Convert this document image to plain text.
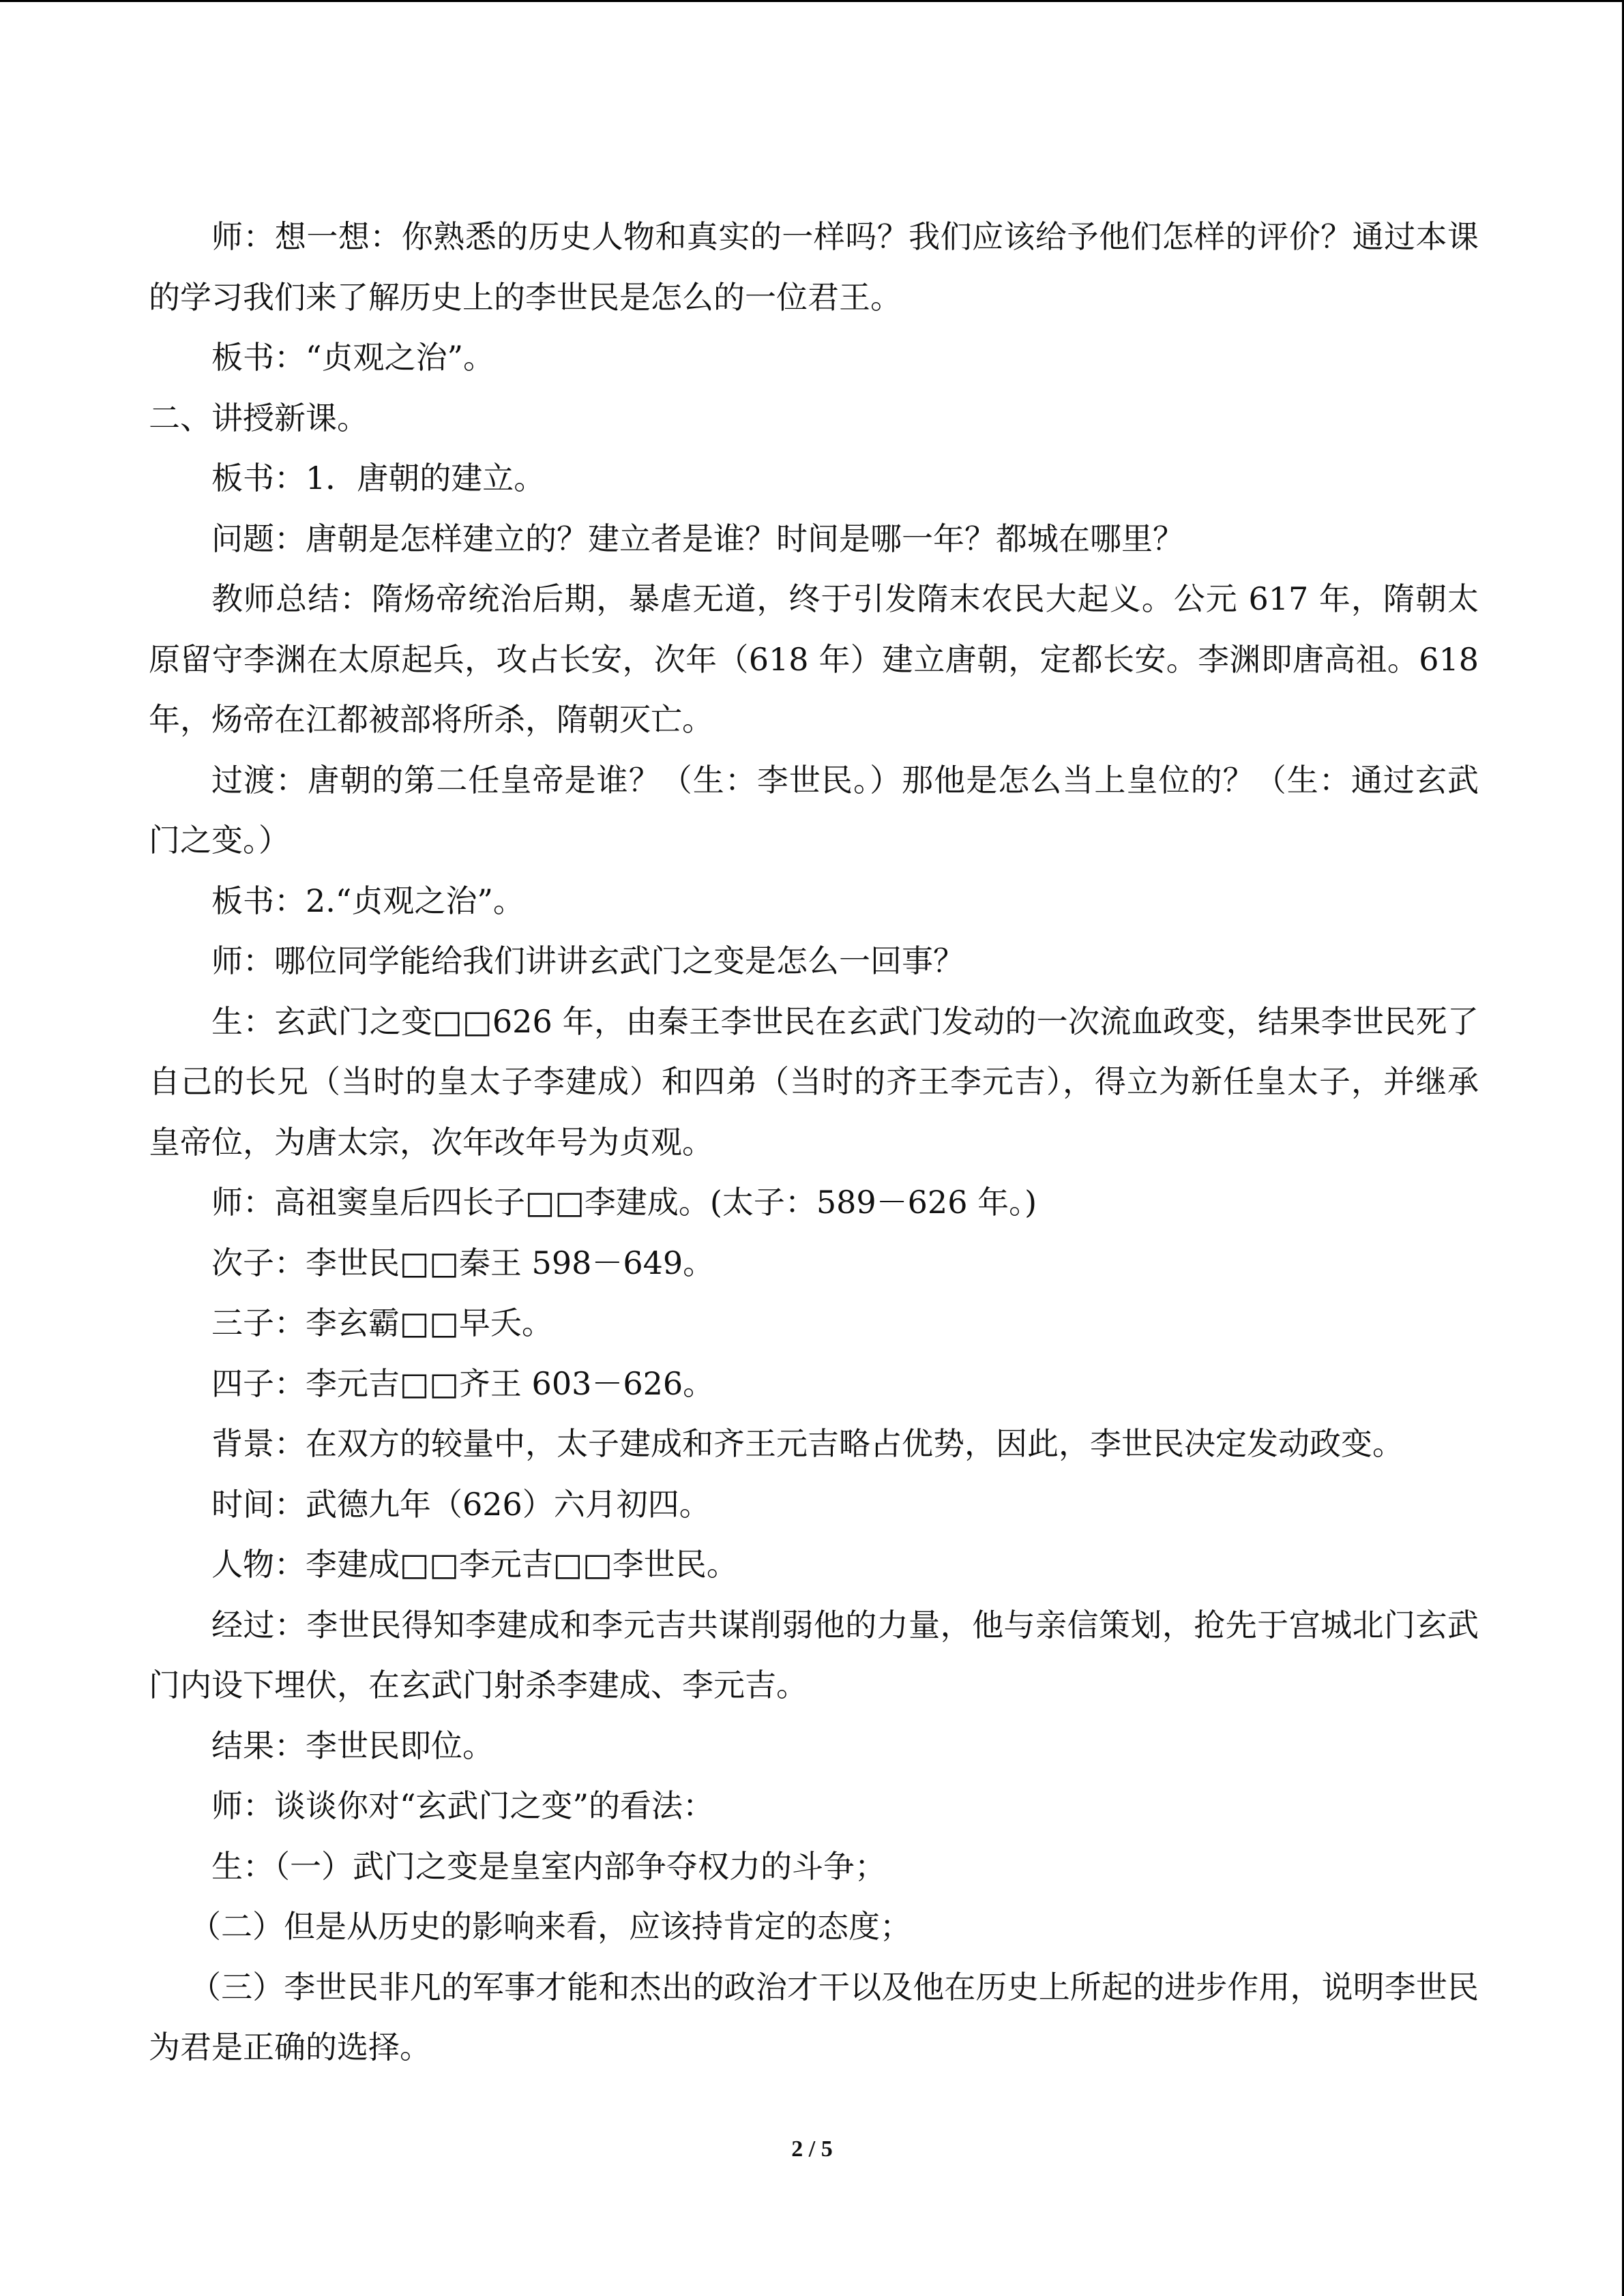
师：想一想：你熟悉的历史人物和真实的一样吗？我们应该给予他们怎样的评价？通过本课的学习我们来了解历史上的李世民是怎么的一位君王。

板书：“贞观之治”。

二、讲授新课。

板书：1．唐朝的建立。

问题：唐朝是怎样建立的？建立者是谁？时间是哪一年？都城在哪里？

教师总结：隋炀帝统治后期，暴虐无道，终于引发隋末农民大起义。公元 617 年，隋朝太原留守李渊在太原起兵，攻占长安，次年（618 年）建立唐朝，定都长安。李渊即唐高祖。618 年，炀帝在江都被部将所杀，隋朝灭亡。

过渡：唐朝的第二任皇帝是谁？（生：李世民。）那他是怎么当上皇位的？（生：通过玄武门之变。）

板书：2.“贞观之治”。

师：哪位同学能给我们讲讲玄武门之变是怎么一回事？

生：玄武门之变□□626 年，由秦王李世民在玄武门发动的一次流血政变，结果李世民死了自己的长兄（当时的皇太子李建成）和四弟（当时的齐王李元吉），得立为新任皇太子，并继承皇帝位，为唐太宗，次年改年号为贞观。

师：高祖窦皇后四长子□□李建成。(太子：589－626 年。)

次子：李世民□□秦王 598－649。

三子：李玄霸□□早夭。

四子：李元吉□□齐王 603－626。

背景：在双方的较量中，太子建成和齐王元吉略占优势，因此，李世民决定发动政变。

时间：武德九年（626）六月初四。

人物：李建成□□李元吉□□李世民。

经过：李世民得知李建成和李元吉共谋削弱他的力量，他与亲信策划，抢先于宫城北门玄武门内设下埋伏，在玄武门射杀李建成、李元吉。

结果：李世民即位。

师：谈谈你对“玄武门之变”的看法：

生：（一）武门之变是皇室内部争夺权力的斗争；

（二）但是从历史的影响来看，应该持肯定的态度；

（三）李世民非凡的军事才能和杰出的政治才干以及他在历史上所起的进步作用，说明李世民为君是正确的选择。

2 / 5
